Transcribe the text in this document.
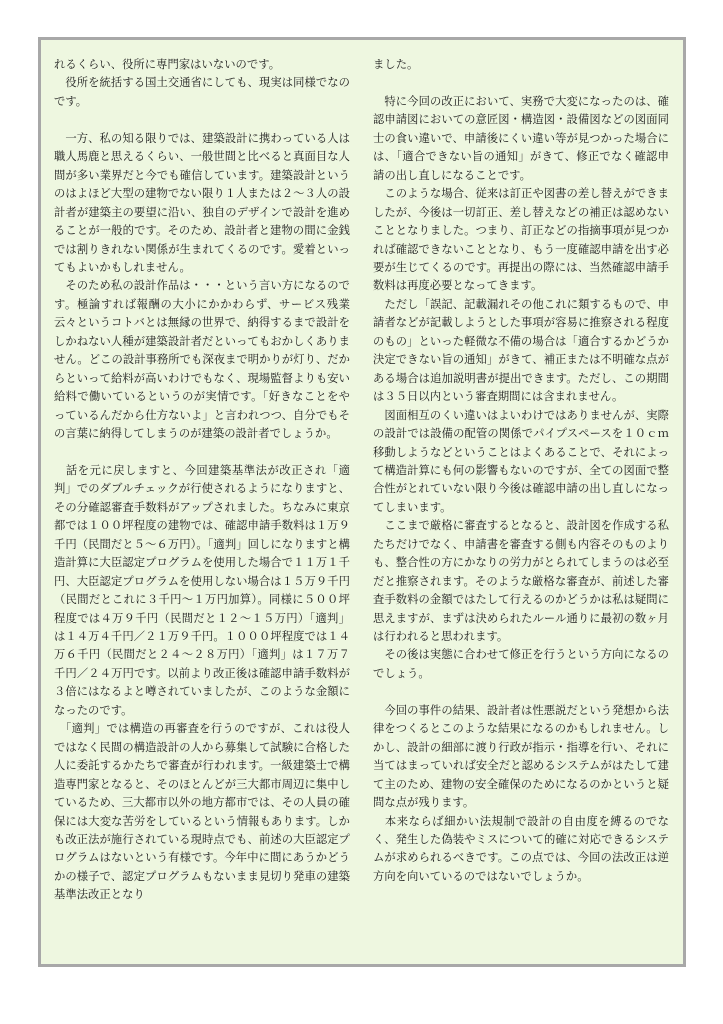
れるくらい、役所に専門家はいないのです。

　役所を統括する国土交通省にしても、現実は同様でなのです。

　一方、私の知る限りでは、建築設計に携わっている人は職人馬鹿と思えるくらい、一般世間と比べると真面目な人間が多い業界だと今でも確信しています。建築設計というのはよほど大型の建物でない限り１人または２～３人の設計者が建築主の要望に沿い、独自のデザインで設計を進めることが一般的です。そのため、設計者と建物の間に金銭では割りきれない関係が生まれてくるのです。愛着といってもよいかもしれません。

　そのため私の設計作品は・・・という言い方になるのです。極論すれば報酬の大小にかかわらず、サービス残業云々というコトバとは無縁の世界で、納得するまで設計をしかねない人種が建築設計者だといってもおかしくありません。どこの設計事務所でも深夜まで明かりが灯り、だからといって給料が高いわけでもなく、現場監督よりも安い給料で働いているというのが実情です。「好きなことをやっているんだから仕方ないよ」と言われつつ、自分でもその言葉に納得してしまうのが建築の設計者でしょうか。

　話を元に戻しますと、今回建築基準法が改正され「適判」でのダブルチェックが行使されるようになりますと、その分確認審査手数料がアップされました。ちなみに東京都では１００坪程度の建物では、確認申請手数料は１万９千円（民間だと５～６万円）。「適判」回しになりますと構造計算に大臣認定プログラムを使用した場合で１１万１千円、大臣認定プログラムを使用しない場合は１５万９千円（民間だとこれに３千円～１万円加算）。同様に５００坪程度では４万９千円（民間だと１２～１５万円）「適判」は１４万４千円／２１万９千円。１０００坪程度では１４万６千円（民間だと２４～２８万円）「適判」は１７万７千円／２４万円です。以前より改正後は確認申請手数料が３倍にはなるよと噂されていましたが、このような金額になったのです。

　「適判」では構造の再審査を行うのですが、これは役人ではなく民間の構造設計の人から募集して試験に合格した人に委託するかたちで審査が行われます。一級建築士で構造専門家となると、そのほとんどが三大都市周辺に集中しているため、三大都市以外の地方都市では、その人員の確保には大変な苦労をしているという情報もあります。しかも改正法が施行されている現時点でも、前述の大臣認定プログラムはないという有様です。今年中に間にあうかどうかの様子で、認定プログラムもないまま見切り発車の建築基準法改正となり

ました。

　特に今回の改正において、実務で大変になったのは、確認申請図においての意匠図・構造図・設備図などの図面同士の食い違いで、申請後にくい違い等が見つかった場合には、「適合できない旨の通知」がきて、修正でなく確認申請の出し直しになることです。

　このような場合、従来は訂正や図書の差し替えができましたが、今後は一切訂正、差し替えなどの補正は認めないこととなりました。つまり、訂正などの指摘事項が見つかれば確認できないこととなり、もう一度確認申請を出す必要が生じてくるのです。再提出の際には、当然確認申請手数料は再度必要となってきます。

　ただし「誤記、記載漏れその他これに類するもので、申請者などが記載しようとした事項が容易に推察される程度のもの」といった軽微な不備の場合は「適合するかどうか決定できない旨の通知」がきて、補正または不明確な点がある場合は追加説明書が提出できます。ただし、この期間は３５日以内という審査期間には含まれません。

　図面相互のくい違いはよいわけではありませんが、実際の設計では設備の配管の関係でパイプスペースを１０ｃｍ移動しようなどということはよくあることで、それによって構造計算にも何の影響もないのですが、全ての図面で整合性がとれていない限り今後は確認申請の出し直しになってしまいます。

　ここまで厳格に審査するとなると、設計図を作成する私たちだけでなく、申請書を審査する側も内容そのものよりも、整合性の方にかなりの労力がとられてしまうのは必至だと推察されます。そのような厳格な審査が、前述した審査手数料の金額ではたして行えるのかどうかは私は疑問に思えますが、まずは決められたルール通りに最初の数ヶ月は行われると思われます。

　その後は実態に合わせて修正を行うという方向になるのでしょう。

　今回の事件の結果、設計者は性悪説だという発想から法律をつくるとこのような結果になるのかもしれません。しかし、設計の細部に渡り行政が指示・指導を行い、それに当てはまっていれば安全だと認めるシステムがはたして建て主のため、建物の安全確保のためになるのかというと疑問な点が残ります。

　本来ならば細かい法規制で設計の自由度を縛るのでなく、発生した偽装やミスについて的確に対応できるシステムが求められるべきです。この点では、今回の法改正は逆方向を向いているのではないでしょうか。
